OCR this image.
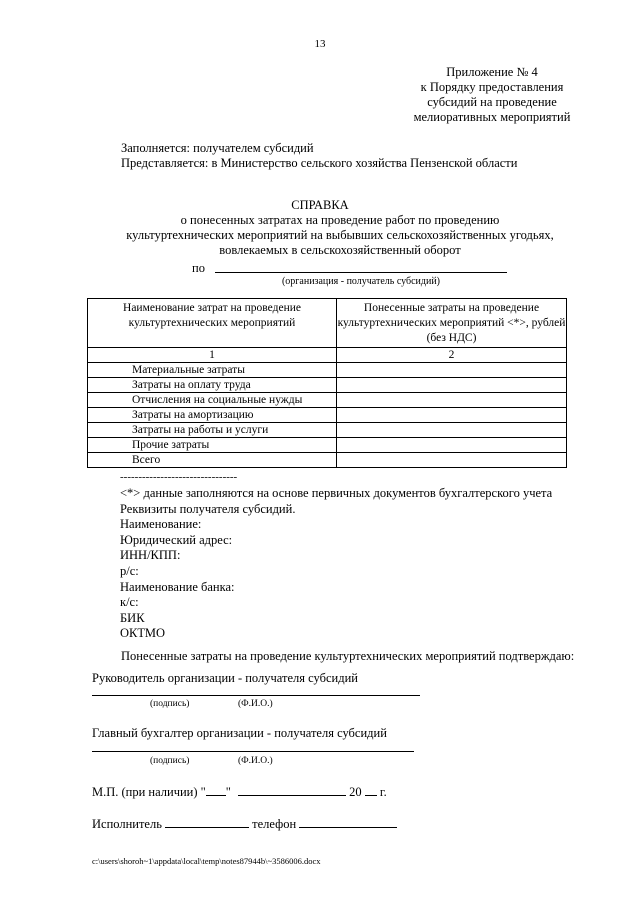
13
Приложение № 4
к Порядку предоставления
субсидий на проведение
мелиоративных мероприятий
Заполняется: получателем субсидий
Представляется: в Министерство сельского хозяйства Пензенской области
СПРАВКА
о понесенных затратах на проведение работ по проведению
культуртехнических мероприятий на выбывших сельскохозяйственных угодьях,
вовлекаемых в сельскохозяйственный оборот
по
(организация - получатель субсидий)
Наименование затрат на проведение культуртехнических мероприятий	Понесенные затраты на проведение культуртехнических мероприятий <*>, рублей (без НДС)
1	2
Материальные затраты	
Затраты на оплату труда	
Отчисления на социальные нужды	
Затраты на амортизацию	
Затраты на работы и услуги	
Прочие затраты	
Всего	
--------------------------------
<*> данные заполняются на основе первичных документов бухгалтерского учета
Реквизиты получателя субсидий.
Наименование:
Юридический адрес:
ИНН/КПП:
р/с:
Наименование банка:
к/с:
БИК
ОКТМО
Понесенные затраты на проведение культуртехнических мероприятий подтверждаю:
Руководитель организации - получателя субсидий
(подпись)	(Ф.И.О.)
Главный бухгалтер организации - получателя субсидий
(подпись)	(Ф.И.О.)
М.П. (при наличии) " "	20 г.
Исполнитель	телефон
c:\users\shoroh~1\appdata\local\temp\notes87944b\~3586006.docx
